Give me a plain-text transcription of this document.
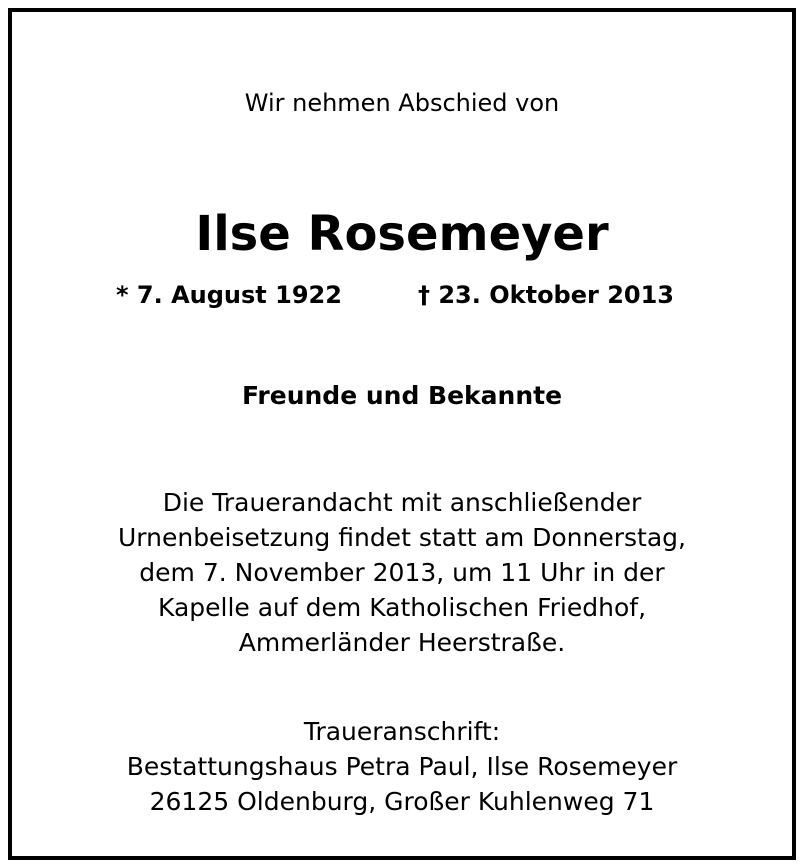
Wir nehmen Abschied von
Ilse Rosemeyer
* 7. August 1922	† 23. Oktober 2013
Freunde und Bekannte
Die Trauerandacht mit anschließender
Urnenbeisetzung findet statt am Donnerstag,
dem 7. November 2013, um 11 Uhr in der
Kapelle auf dem Katholischen Friedhof,
Ammerländer Heerstraße.
Traueranschrift:
Bestattungshaus Petra Paul, Ilse Rosemeyer
26125 Oldenburg, Großer Kuhlenweg 71
